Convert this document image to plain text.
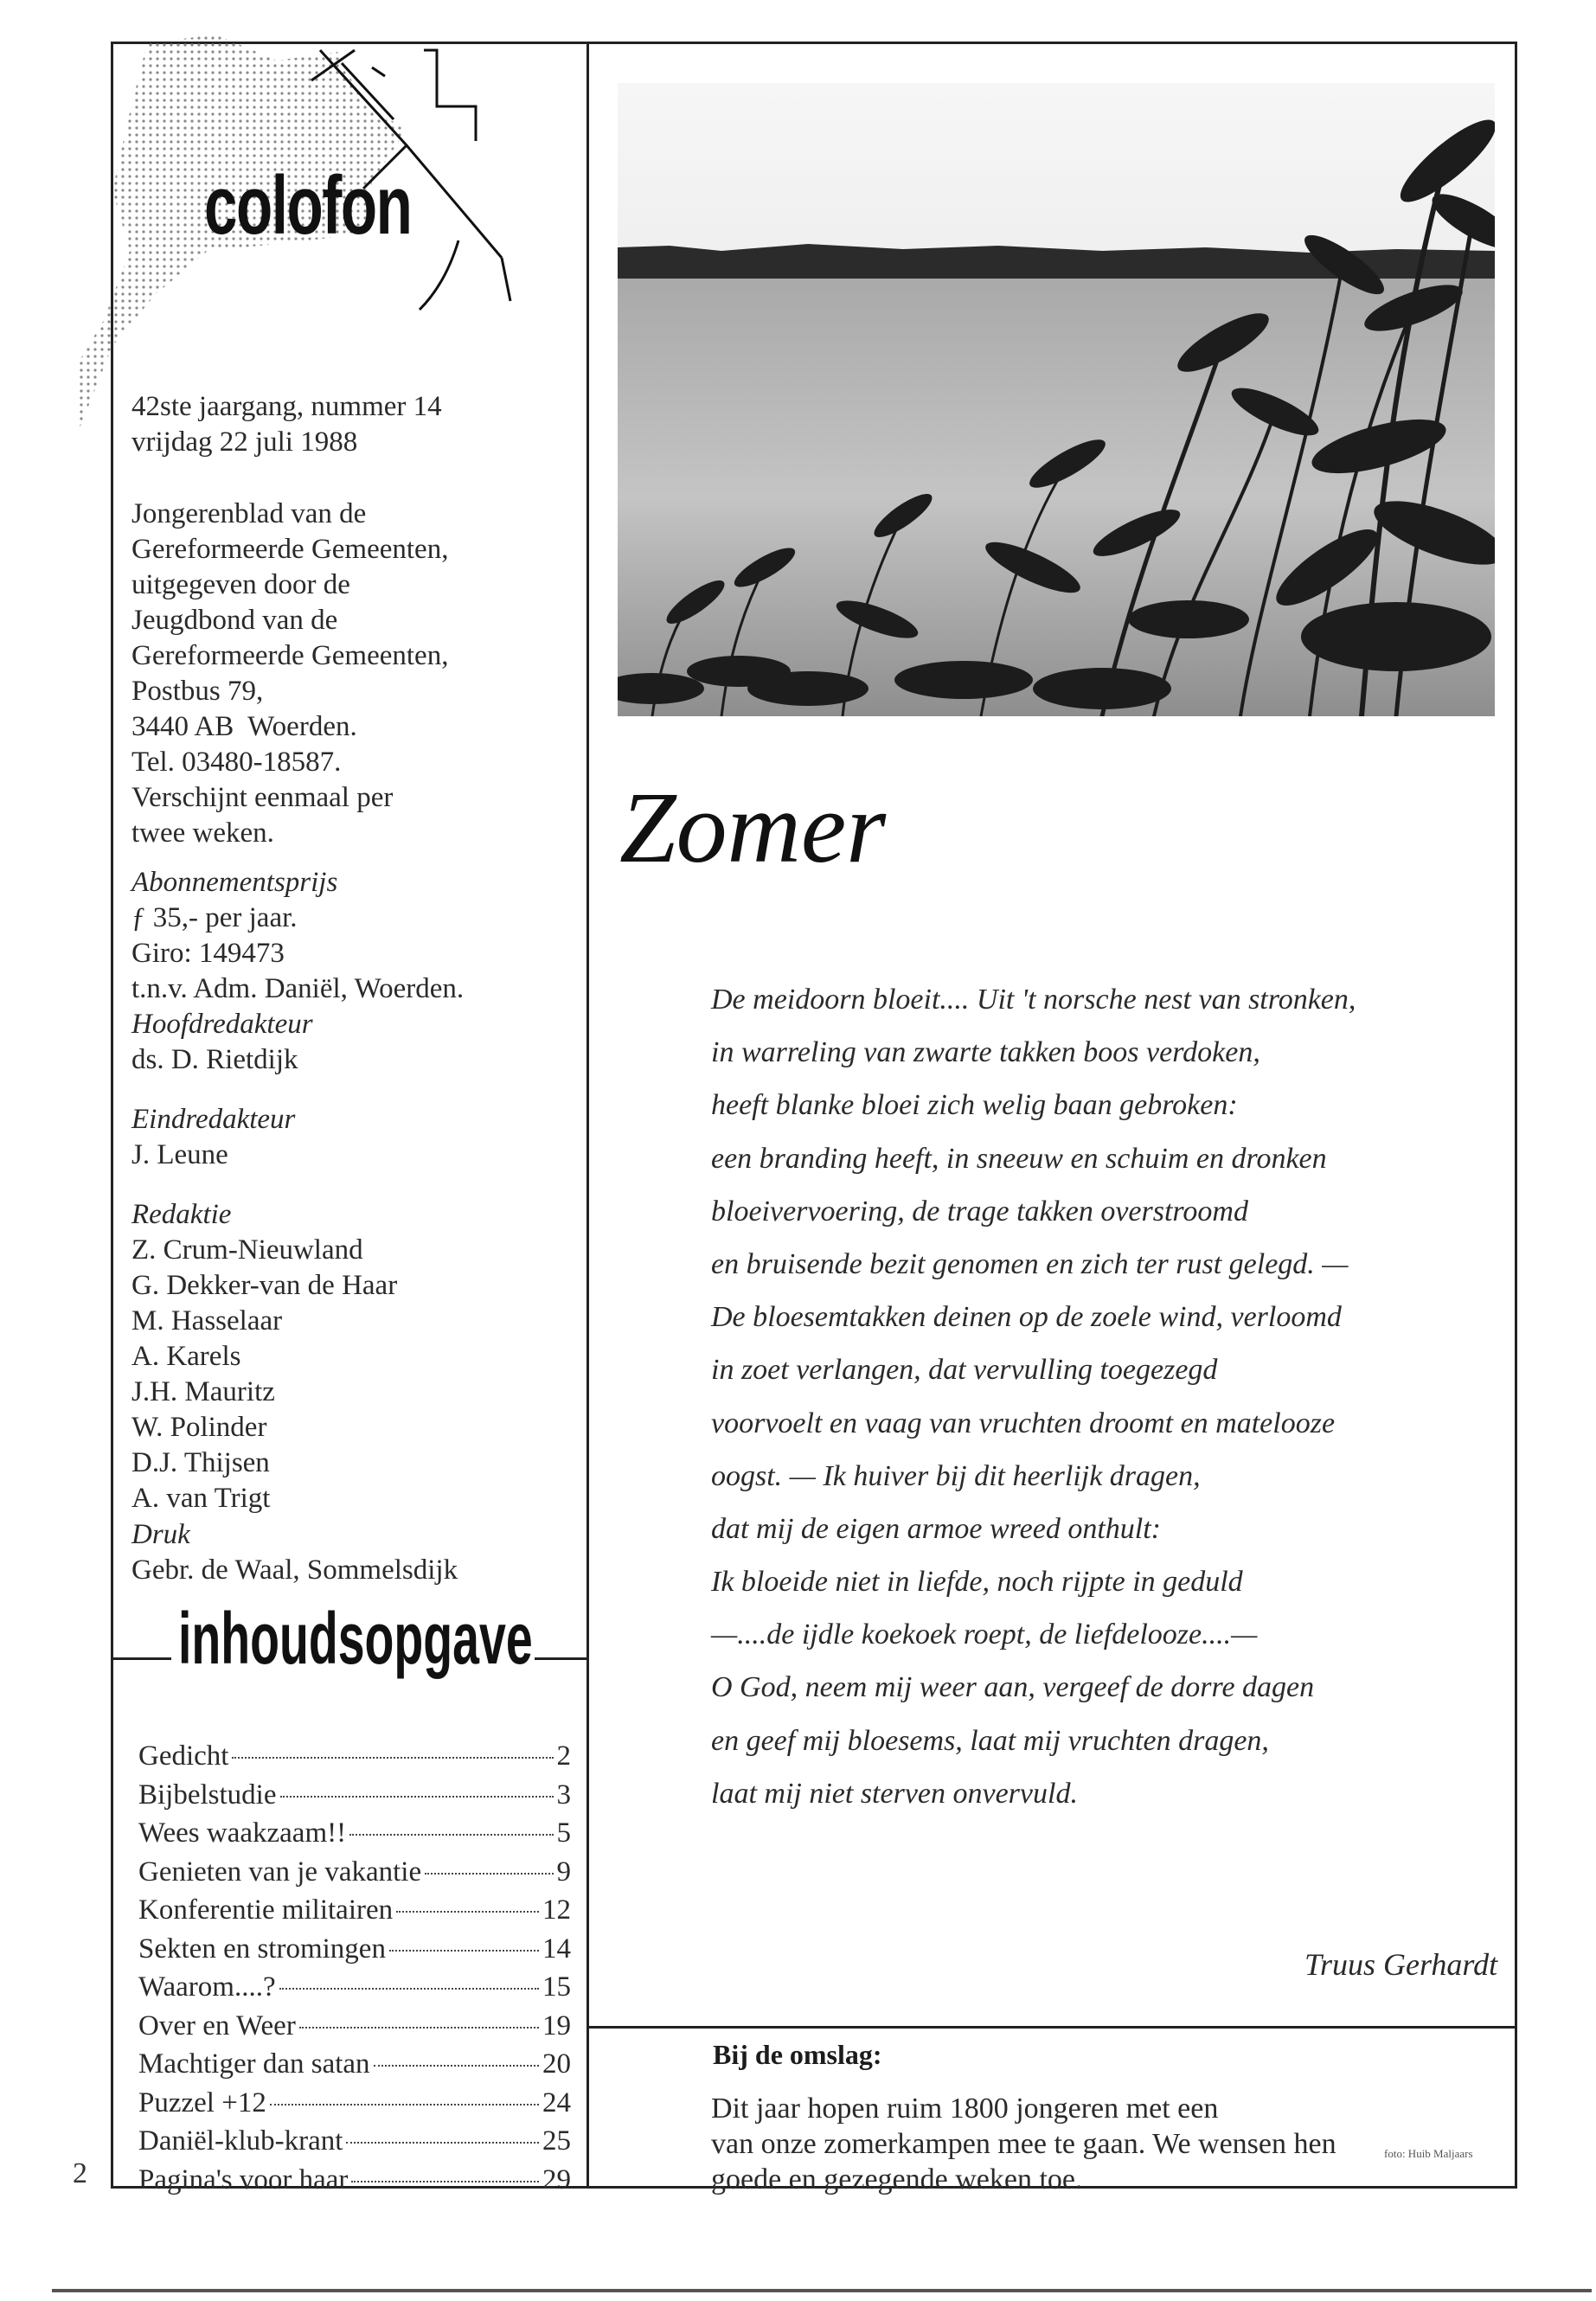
colofon

42ste jaargang, nummer 14

vrijdag 22 juli 1988

Jongerenblad van de

Gereformeerde Gemeenten,

uitgegeven door de

Jeugdbond van de

Gereformeerde Gemeenten,

Postbus 79,

3440 AB  Woerden.

Tel. 03480-18587.

Verschijnt eenmaal per

twee weken.

Abonnementsprijs

ƒ 35,- per jaar.

Giro: 149473

t.n.v. Adm. Daniël, Woerden.

Hoofdredakteur

ds. D. Rietdijk

Eindredakteur

J. Leune

Redaktie

Z. Crum-Nieuwland

G. Dekker-van de Haar

M. Hasselaar

A. Karels

J.H. Mauritz

W. Polinder

D.J. Thijsen

A. van Trigt

Druk

Gebr. de Waal, Sommelsdijk

inhoudsopgave
Gedicht	2
Bijbelstudie	3
Wees waakzaam!!	5
Genieten van je vakantie	9
Konferentie militairen	12
Sekten en stromingen	14
Waarom....?	15
Over en Weer	19
Machtiger dan satan	20
Puzzel +12	24
Daniël-klub-krant	25
Pagina's voor haar	29
2
Zomer
De meidoorn bloeit.... Uit 't norsche nest van stronken,
in warreling van zwarte takken boos verdoken,
heeft blanke bloei zich welig baan gebroken:
een branding heeft, in sneeuw en schuim en dronken
bloeivervoering, de trage takken overstroomd
en bruisende bezit genomen en zich ter rust gelegd. —
De bloesemtakken deinen op de zoele wind, verloomd
in zoet verlangen, dat vervulling toegezegd
voorvoelt en vaag van vruchten droomt en matelooze
oogst. — Ik huiver bij dit heerlijk dragen,
dat mij de eigen armoe wreed onthult:
Ik bloeide niet in liefde, noch rijpte in geduld
—....de ijdle koekoek roept, de liefdelooze....—
O God, neem mij weer aan, vergeef de dorre dagen
en geef mij bloesems, laat mij vruchten dragen,
laat mij niet sterven onvervuld.
Truus Gerhardt
Bij de omslag:
Dit jaar hopen ruim 1800 jongeren met een
van onze zomerkampen mee te gaan. We wensen hen
goede en gezegende weken toe.
foto: Huib Maljaars
